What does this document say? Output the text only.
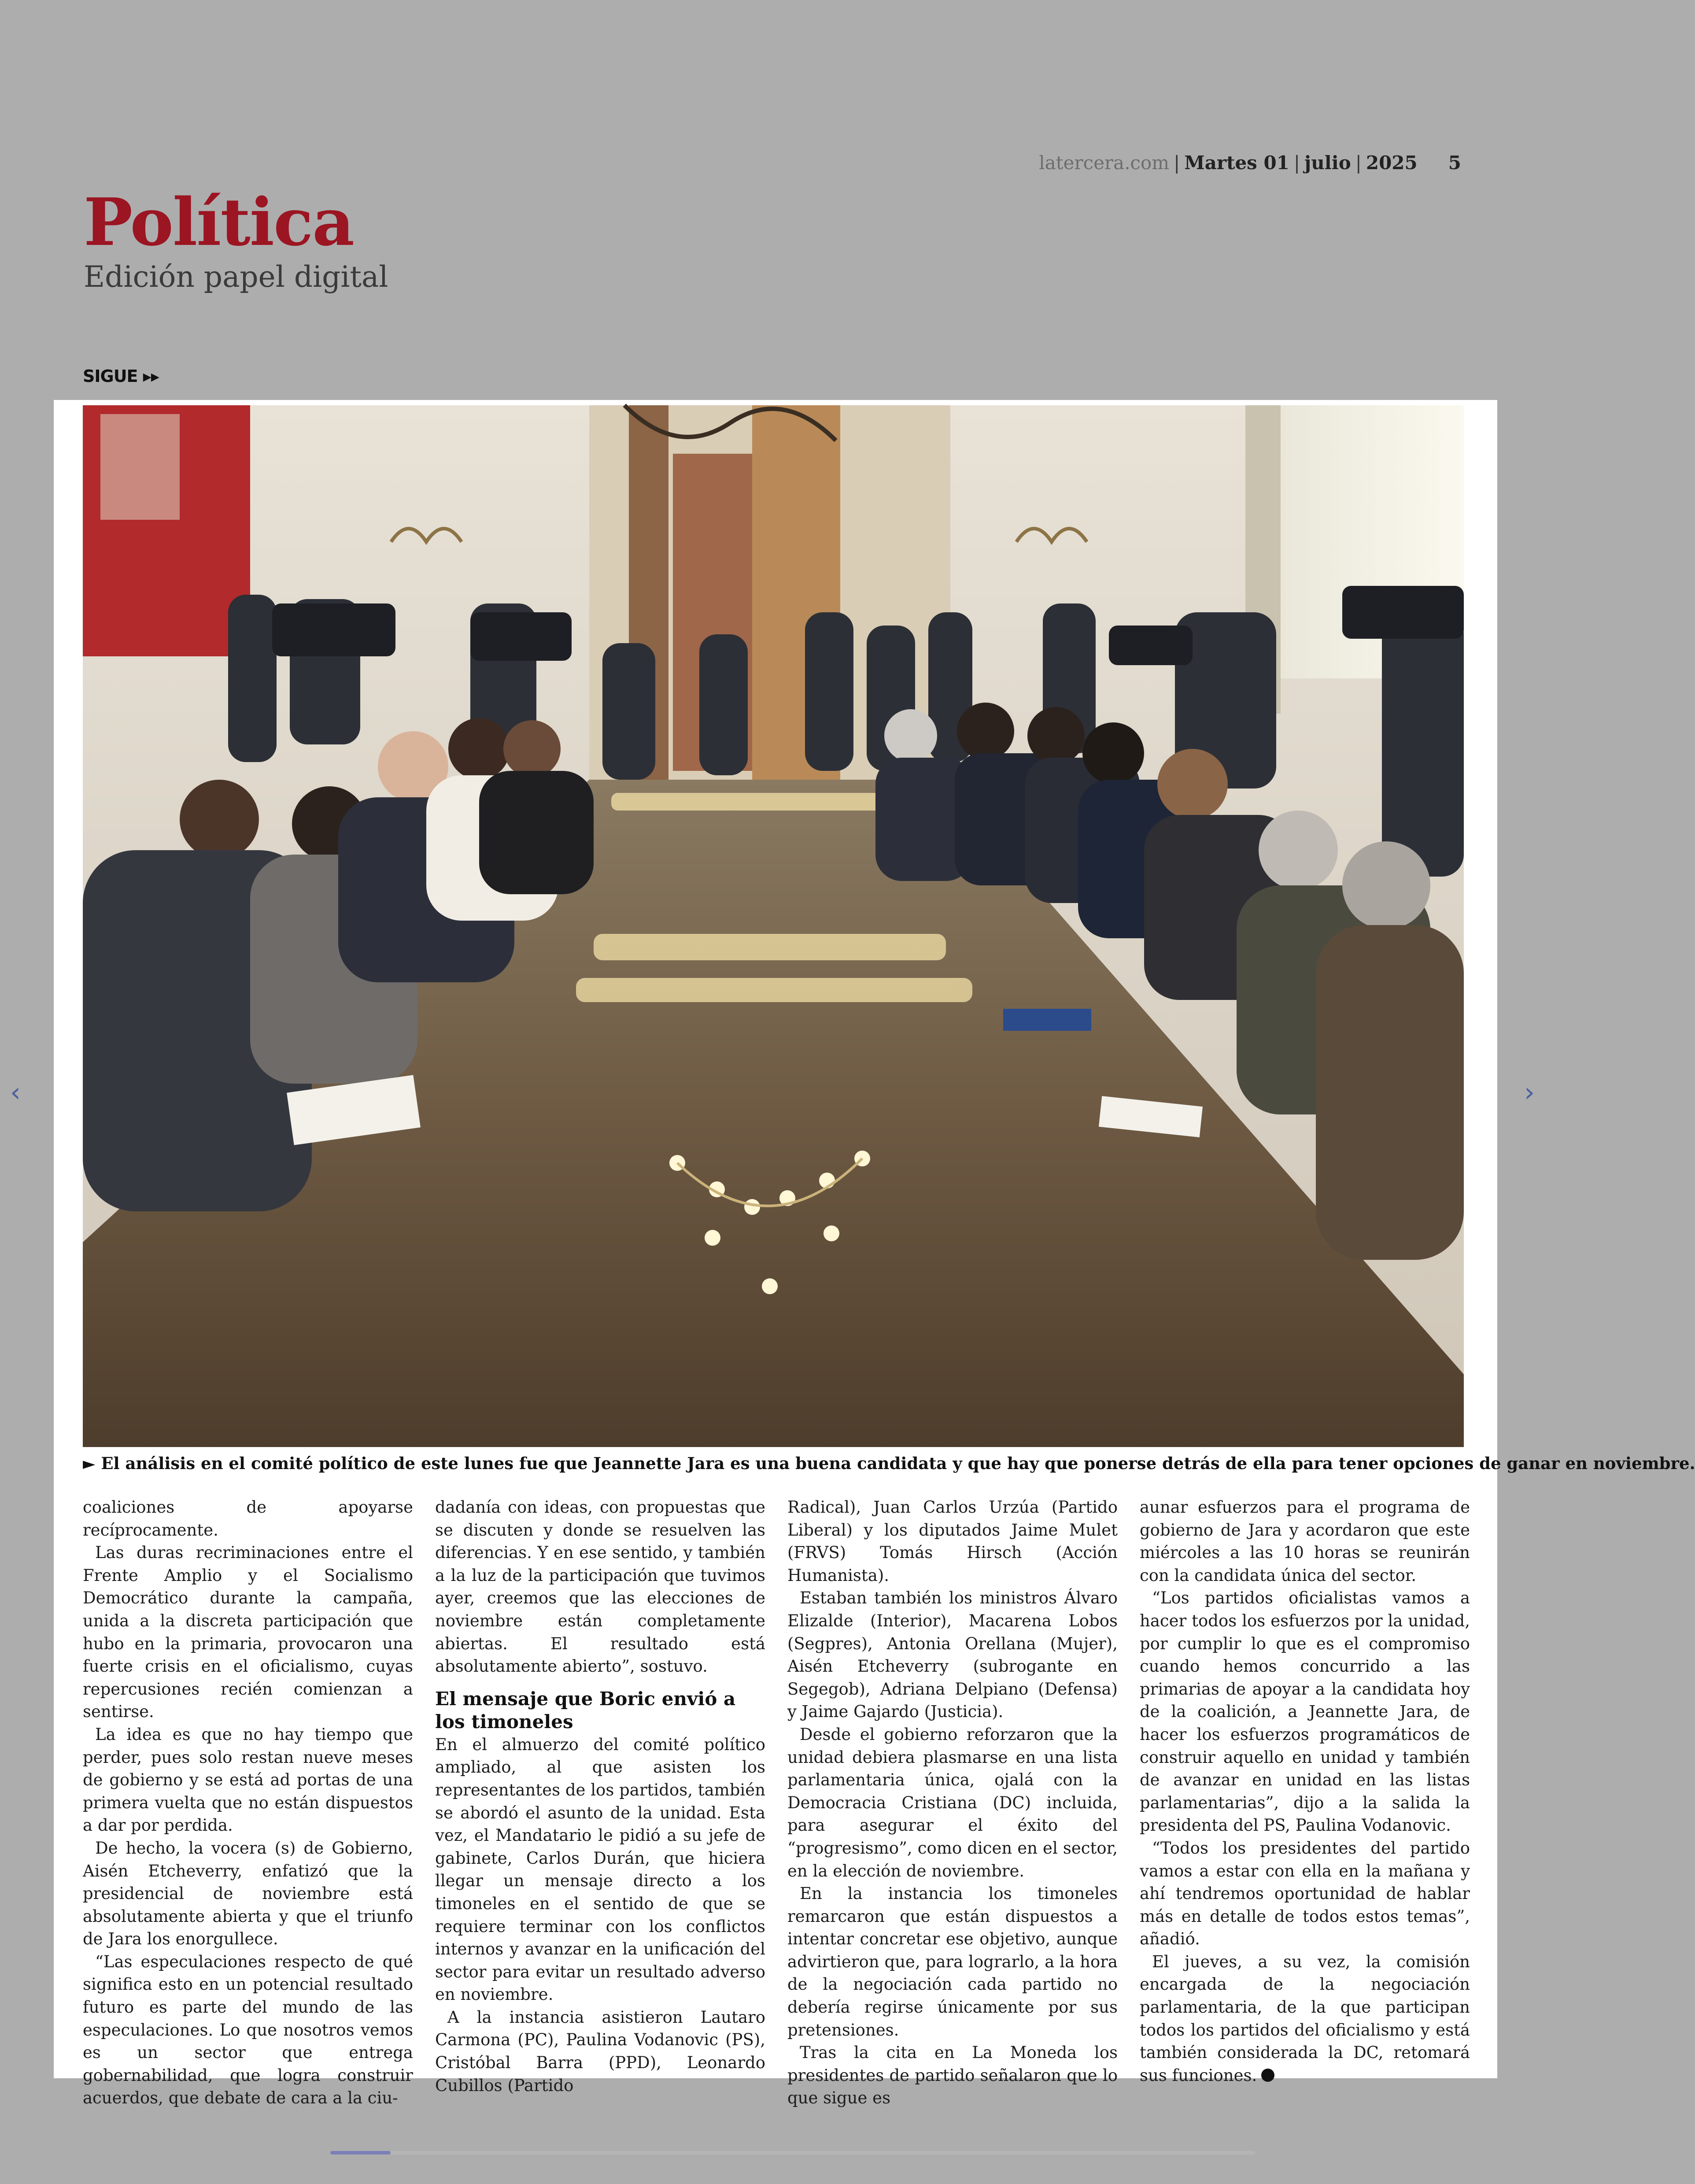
latercera.com | Martes 01 | julio | 2025 5
Política
Edición papel digital
SIGUE ▸▸
► El análisis en el comité político de este lunes fue que Jeannette Jara es una buena candidata y que hay que ponerse detrás de ella para tener opciones de ganar en noviembre.

coaliciones de apoyarse recíprocamente.

Las duras recriminaciones entre el Frente Amplio y el Socialismo Democrático durante la campaña, unida a la discreta participación que hubo en la primaria, provocaron una fuerte crisis en el oficialismo, cuyas repercusiones recién comienzan a sentirse.

La idea es que no hay tiempo que perder, pues solo restan nueve meses de gobierno y se está ad portas de una primera vuelta que no están dispuestos a dar por perdida.

De hecho, la vocera (s) de Gobierno, Aisén Etcheverry, enfatizó que la presidencial de noviembre está absolutamente abierta y que el triunfo de Jara los enorgullece.

“Las especulaciones respecto de qué significa esto en un potencial resultado futuro es parte del mundo de las especulaciones. Lo que nosotros vemos es un sector que entrega gobernabilidad, que logra construir acuerdos, que debate de cara a la ciu-

dadanía con ideas, con propuestas que se discuten y donde se resuelven las diferencias. Y en ese sentido, y también a la luz de la participación que tuvimos ayer, creemos que las elecciones de noviembre están completamente abiertas. El resultado está absolutamente abierto”, sostuvo.

El mensaje que Boric envió a los timoneles

En el almuerzo del comité político ampliado, al que asisten los representantes de los partidos, también se abordó el asunto de la unidad. Esta vez, el Mandatario le pidió a su jefe de gabinete, Carlos Durán, que hiciera llegar un mensaje directo a los timoneles en el sentido de que se requiere terminar con los conflictos internos y avanzar en la unificación del sector para evitar un resultado adverso en noviembre.

A la instancia asistieron Lautaro Carmona (PC), Paulina Vodanovic (PS), Cristóbal Barra (PPD), Leonardo Cubillos (Partido

Radical), Juan Carlos Urzúa (Partido Liberal) y los diputados Jaime Mulet (FRVS) Tomás Hirsch (Acción Humanista).

Estaban también los ministros Álvaro Elizalde (Interior), Macarena Lobos (Segpres), Antonia Orellana (Mujer), Aisén Etcheverry (subrogante en Segegob), Adriana Delpiano (Defensa) y Jaime Gajardo (Justicia).

Desde el gobierno reforzaron que la unidad debiera plasmarse en una lista parlamentaria única, ojalá con la Democracia Cristiana (DC) incluida, para asegurar el éxito del “progresismo”, como dicen en el sector, en la elección de noviembre.

En la instancia los timoneles remarcaron que están dispuestos a intentar concretar ese objetivo, aunque advirtieron que, para lograrlo, a la hora de la negociación cada partido no debería regirse únicamente por sus pretensiones.

Tras la cita en La Moneda los presidentes de partido señalaron que lo que sigue es

aunar esfuerzos para el programa de gobierno de Jara y acordaron que este miércoles a las 10 horas se reunirán con la candidata única del sector.

“Los partidos oficialistas vamos a hacer todos los esfuerzos por la unidad, por cumplir lo que es el compromiso cuando hemos concurrido a las primarias de apoyar a la candidata hoy de la coalición, a Jeannette Jara, de hacer los esfuerzos programáticos de construir aquello en unidad y también de avanzar en unidad en las listas parlamentarias”, dijo a la salida la presidenta del PS, Paulina Vodanovic.

“Todos los presidentes del partido vamos a estar con ella en la mañana y ahí tendremos oportunidad de hablar más en detalle de todos estos temas”, añadió.

El jueves, a su vez, la comisión encargada de la negociación parlamentaria, de la que participan todos los partidos del oficialismo y está también considerada la DC, retomará sus funciones.

‹	›
